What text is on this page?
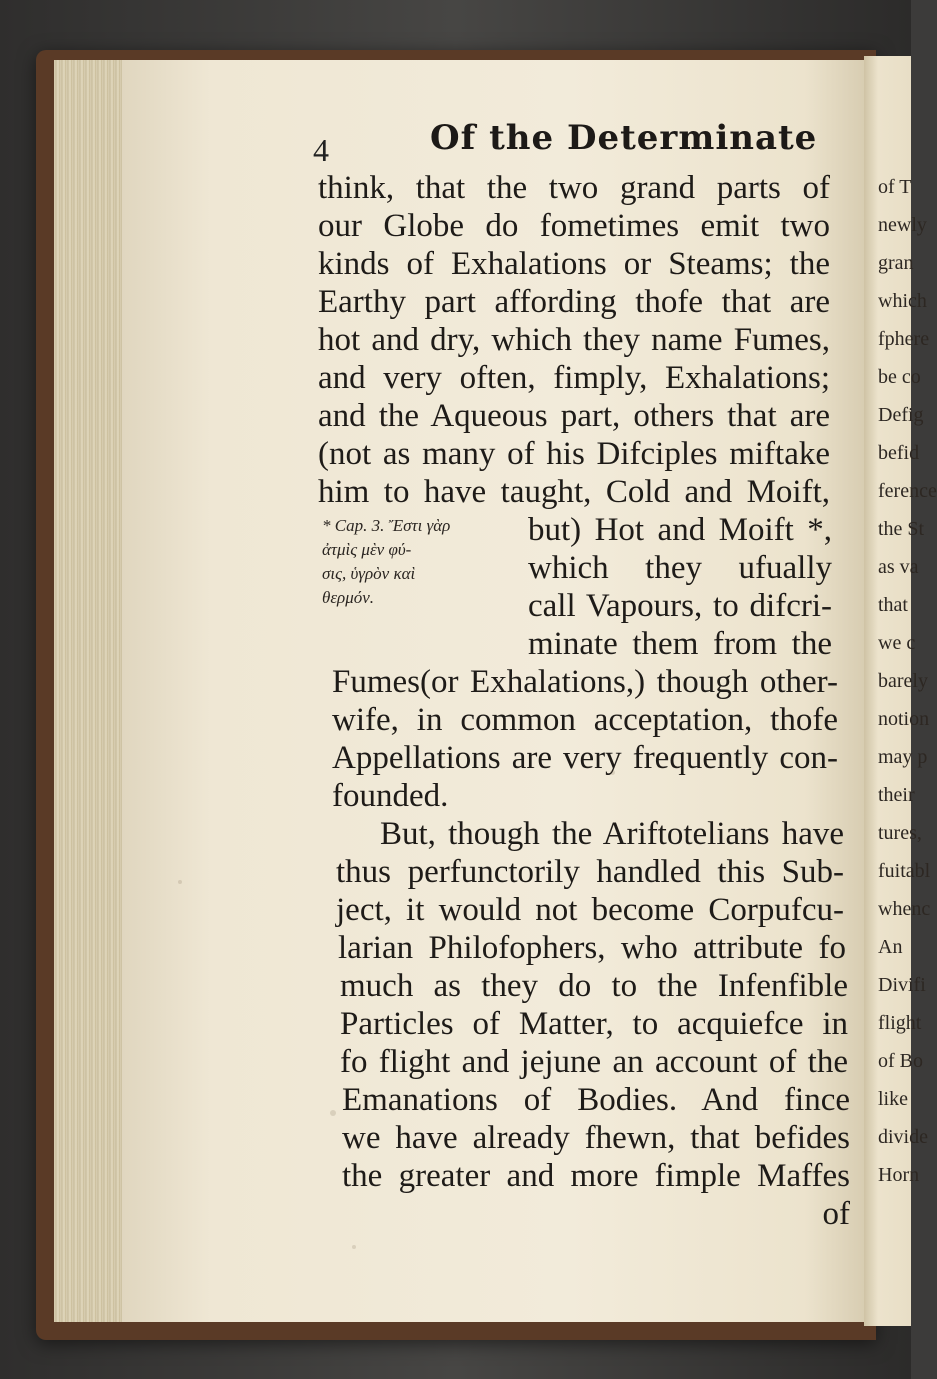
of T
newly
gran
which
fphere
be co
Defig
befid
ference
the St
as va
that
we c
barely
notion
may p
their
tures,
fuitabl
whenc
An
Divifi
flight
of Bo
like
divide
Horn
4	Of the Determinate
think, that the two grand parts of
our Globe do fometimes emit two
kinds of Exhalations or Steams; the
Earthy part affording thofe that are
hot and dry, which they name Fumes,
and very often, fimply, Exhalations;
and the Aqueous part, others that are
(not as many of his Difciples miftake
him to have taught, Cold and Moift,
but) Hot and Moift *,
which they ufually
call Vapours, to difcri-
minate them from the
Fumes(or Exhalations,) though other-
wife, in common acceptation, thofe
Appellations are very frequently con-
founded.
But, though the Ariftotelians have
thus perfunctorily handled this Sub-
ject, it would not become Corpufcu-
larian Philofophers, who attribute fo
much as they do to the Infenfible
Particles of Matter, to acquiefce in
fo flight and jejune an account of the
Emanations of Bodies. And fince
we have already fhewn, that befides
the greater and more fimple Maffes
of
* Cap. 3. Ἔστι γὰρ
ἀτμὶς μὲν φύ-
σις, ὑγρὸν καὶ
θερμόν.
